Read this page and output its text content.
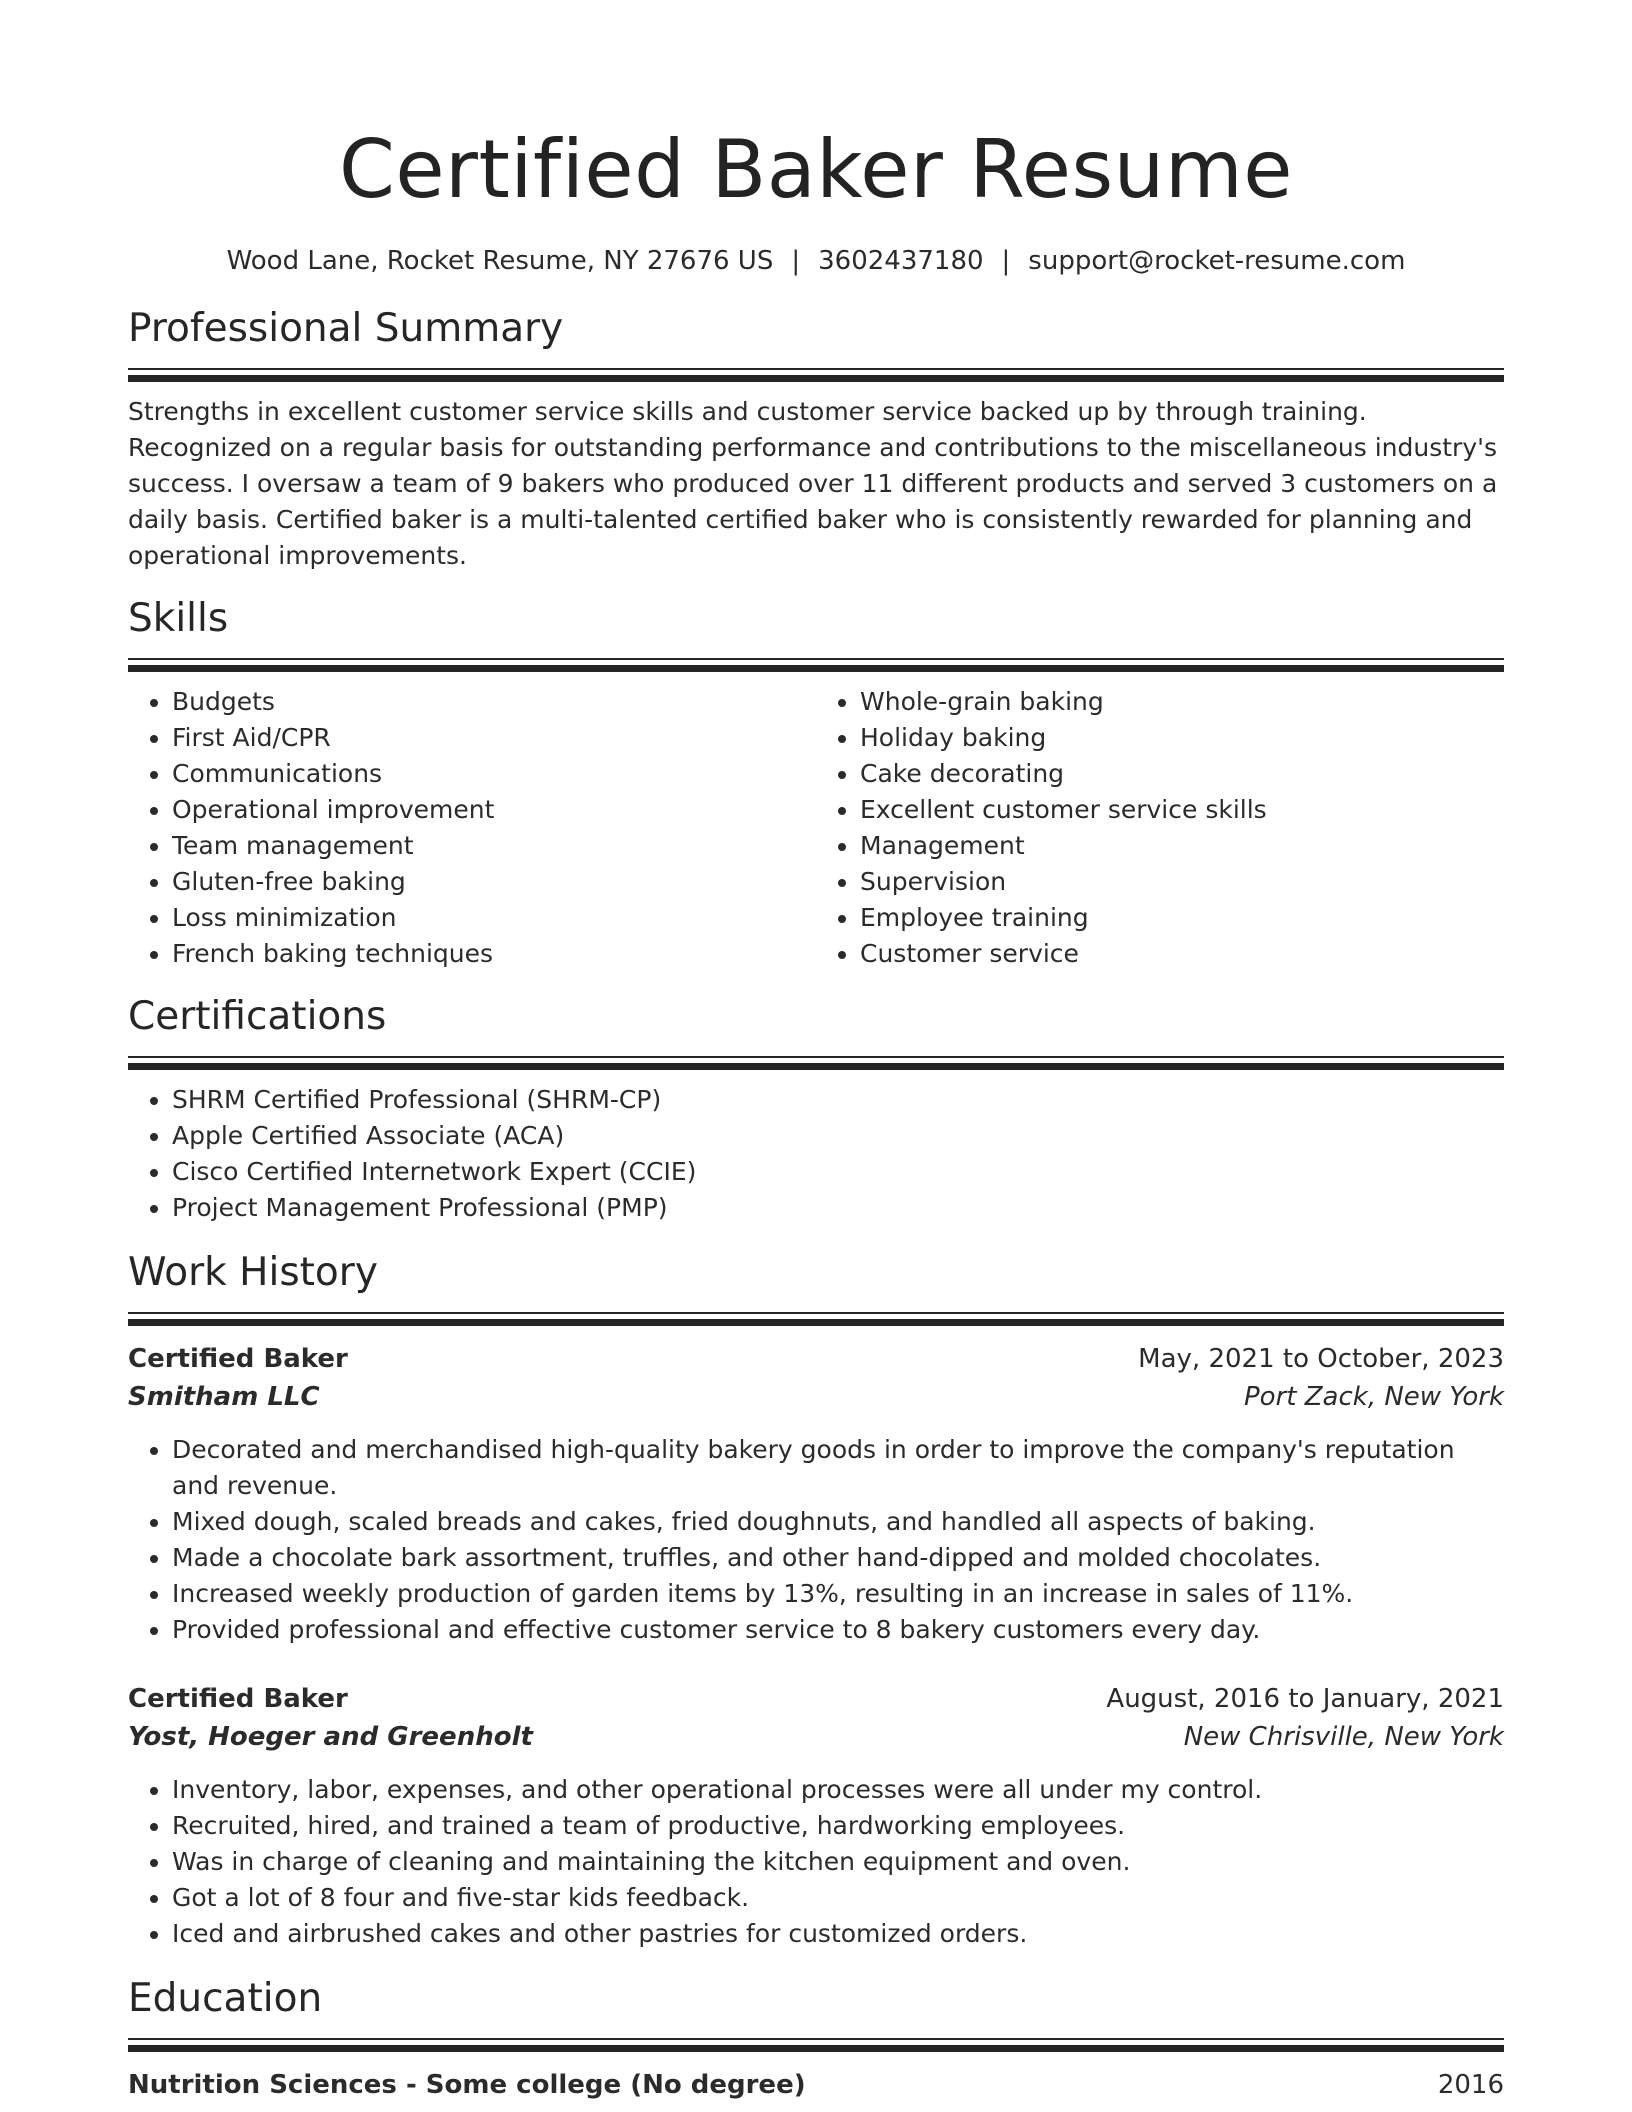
Certified Baker Resume
Wood Lane, Rocket Resume, NY 27676 US | 3602437180 | support@rocket-resume.com
Professional Summary
Strengths in excellent customer service skills and customer service backed up by through training. Recognized on a regular basis for outstanding performance and contributions to the miscellaneous industry's success. I oversaw a team of 9 bakers who produced over 11 different products and served 3 customers on a daily basis. Certified baker is a multi-talented certified baker who is consistently rewarded for planning and operational improvements.
Skills
• Budgets
• First Aid/CPR
• Communications
• Operational improvement
• Team management
• Gluten-free baking
• Loss minimization
• French baking techniques
• Whole-grain baking
• Holiday baking
• Cake decorating
• Excellent customer service skills
• Management
• Supervision
• Employee training
• Customer service
Certifications
• SHRM Certified Professional (SHRM-CP)
• Apple Certified Associate (ACA)
• Cisco Certified Internetwork Expert (CCIE)
• Project Management Professional (PMP)
Work History
Certified Baker	May, 2021 to October, 2023
Smitham LLC	Port Zack, New York
• Decorated and merchandised high-quality bakery goods in order to improve the company's reputation and revenue.
• Mixed dough, scaled breads and cakes, fried doughnuts, and handled all aspects of baking.
• Made a chocolate bark assortment, truffles, and other hand-dipped and molded chocolates.
• Increased weekly production of garden items by 13%, resulting in an increase in sales of 11%.
• Provided professional and effective customer service to 8 bakery customers every day.
Certified Baker	August, 2016 to January, 2021
Yost, Hoeger and Greenholt	New Chrisville, New York
• Inventory, labor, expenses, and other operational processes were all under my control.
• Recruited, hired, and trained a team of productive, hardworking employees.
• Was in charge of cleaning and maintaining the kitchen equipment and oven.
• Got a lot of 8 four and five-star kids feedback.
• Iced and airbrushed cakes and other pastries for customized orders.
Education
Nutrition Sciences - Some college (No degree)	2016
